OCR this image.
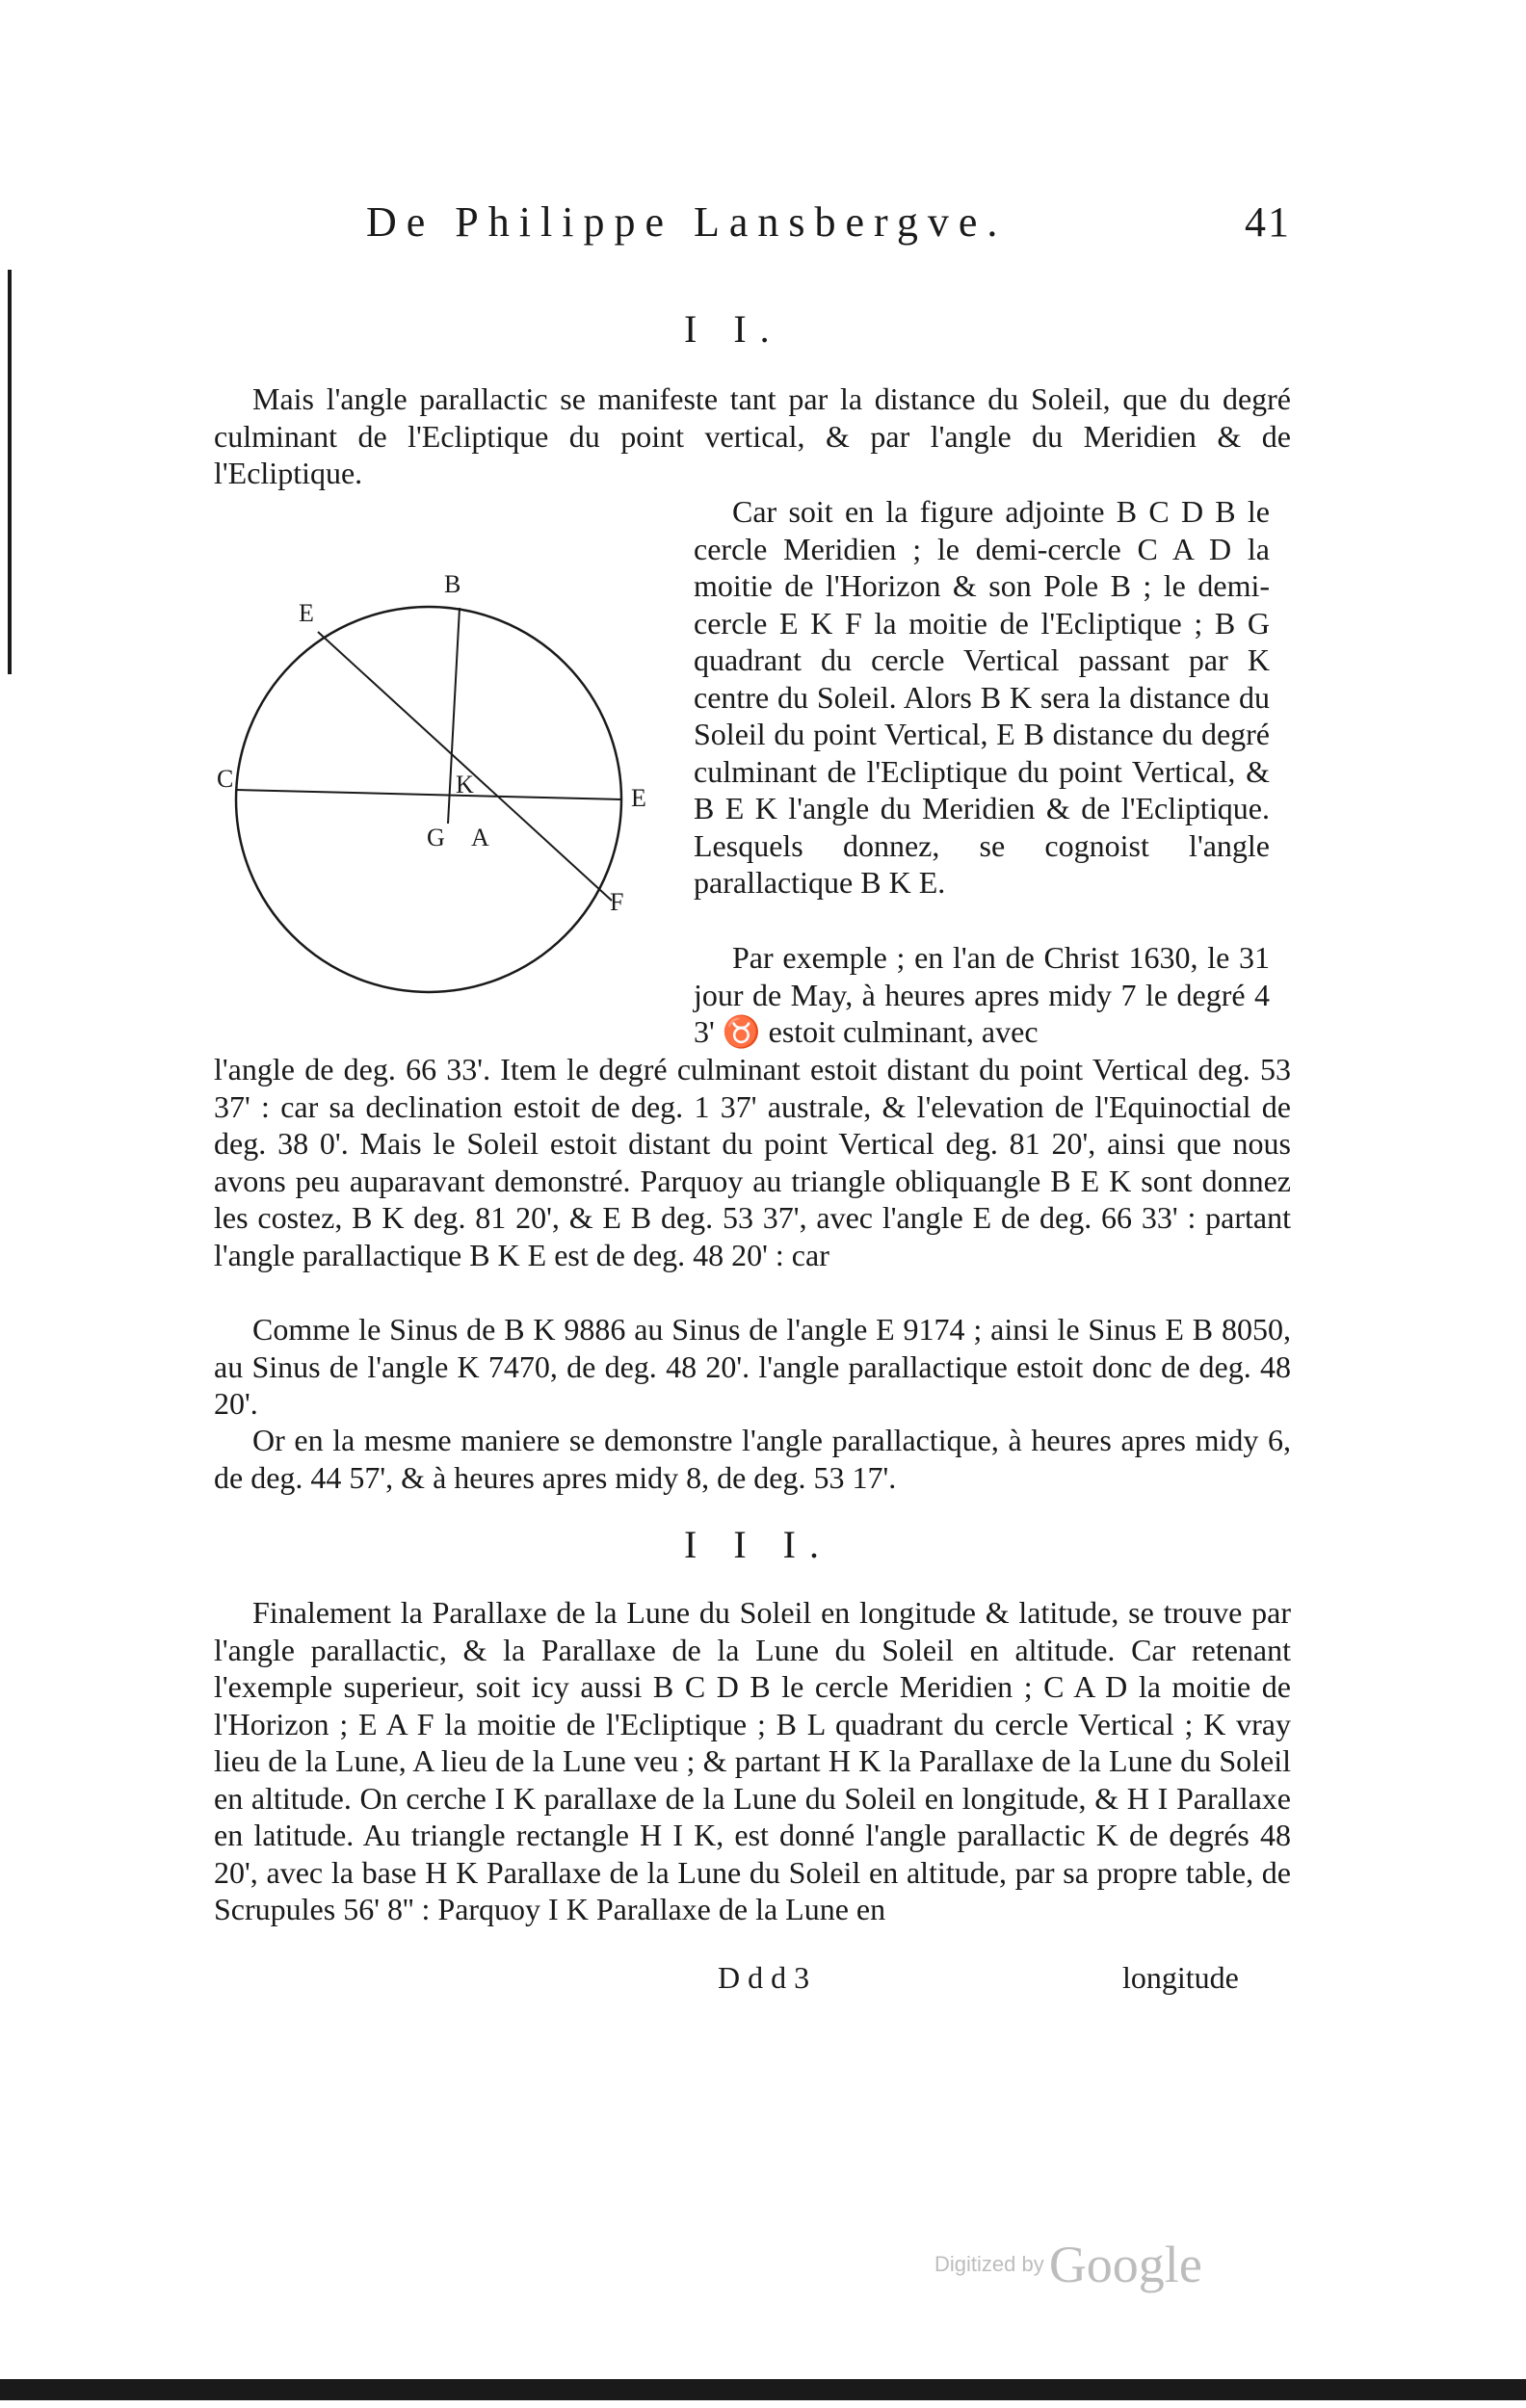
De Philippe Lansbergve.	41
I I.

Mais l'angle parallactic se manifeste tant par la distance du Soleil, que du degré culminant de l'Ecliptique du point vertical, & par l'angle du Meridien & de l'Ecliptique.

B
E
C	K	E
G A
F

Car soit en la figure adjointe B C D B le cercle Meridien ; le demi-cercle C A D la moitie de l'Horizon & son Pole B ; le demi-cercle E K F la moitie de l'Ecliptique ; B G quadrant du cercle Vertical passant par K centre du Soleil. Alors B K sera la distance du Soleil du point Vertical, E B distance du degré culminant de l'Ecliptique du point Vertical, & B E K l'angle du Meridien & de l'Ecliptique. Lesquels donnez, se cognoist l'angle parallactique B K E.

Par exemple ; en l'an de Christ 1630, le 31 jour de May, à heures apres midy 7 le degré 4 3' ♉ estoit culminant, avec

l'angle de deg. 66 33'. Item le degré culminant estoit distant du point Vertical deg. 53 37' : car sa declination estoit de deg. 1 37' australe, & l'elevation de l'Equinoctial de deg. 38 0'. Mais le Soleil estoit distant du point Vertical deg. 81 20', ainsi que nous avons peu auparavant demonstré. Parquoy au triangle obliquangle B E K sont donnez les costez, B K deg. 81 20', & E B deg. 53 37', avec l'angle E de deg. 66 33' : partant l'angle parallactique B K E est de deg. 48 20' : car

Comme le Sinus de B K 9886 au Sinus de l'angle E 9174 ; ainsi le Sinus E B 8050, au Sinus de l'angle K 7470, de deg. 48 20'. l'angle parallactique estoit donc de deg. 48 20'.

Or en la mesme maniere se demonstre l'angle parallactique, à heures apres midy 6, de deg. 44 57', & à heures apres midy 8, de deg. 53 17'.

I I I.

Finalement la Parallaxe de la Lune du Soleil en longitude & latitude, se trouve par l'angle parallactic, & la Parallaxe de la Lune du Soleil en altitude. Car retenant l'exemple superieur, soit icy aussi B C D B le cercle Meridien ; C A D la moitie de l'Horizon ; E A F la moitie de l'Ecliptique ; B L quadrant du cercle Vertical ; K vray lieu de la Lune, A lieu de la Lune veu ; & partant H K la Parallaxe de la Lune du Soleil en altitude. On cerche I K parallaxe de la Lune du Soleil en longitude, & H I Parallaxe en latitude. Au triangle rectangle H I K, est donné l'angle parallactic K de degrés 48 20', avec la base H K Parallaxe de la Lune du Soleil en altitude, par sa propre table, de Scrupules 56' 8'' : Parquoy I K Parallaxe de la Lune en

D d d 3	longitude
Digitized by Google
